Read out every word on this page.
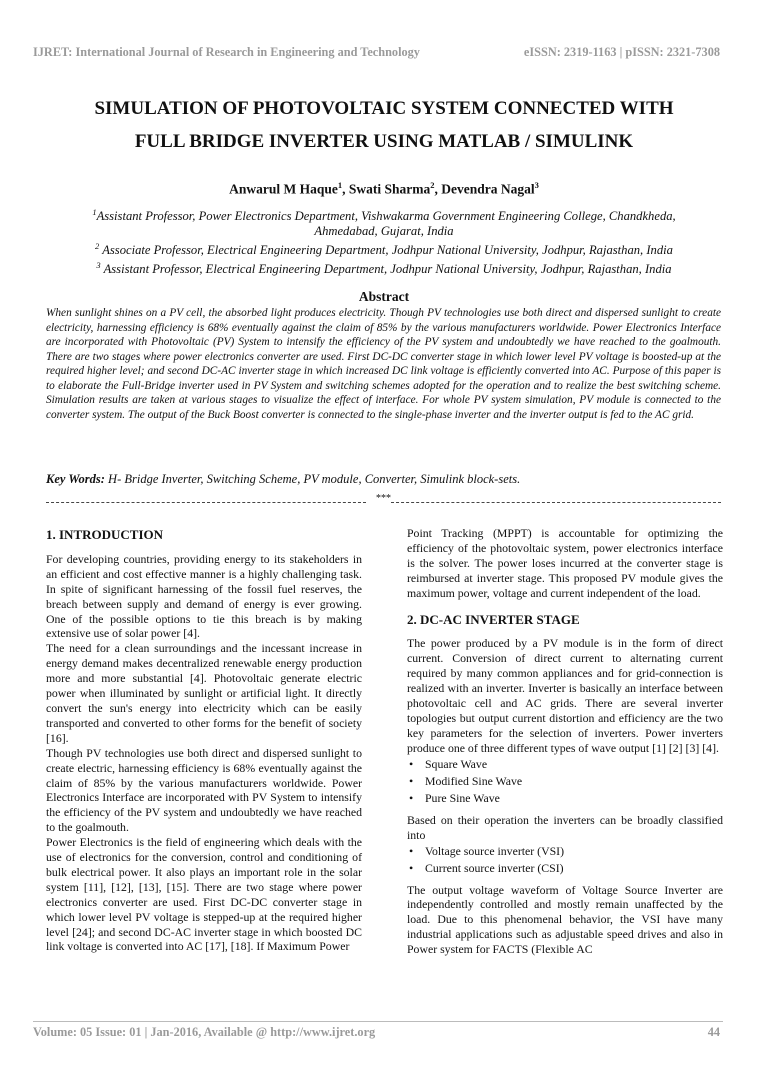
IJRET: International Journal of Research in Engineering and Technology	eISSN: 2319-1163 | pISSN: 2321-7308
SIMULATION OF PHOTOVOLTAIC SYSTEM CONNECTED WITH
FULL BRIDGE INVERTER USING MATLAB / SIMULINK
Anwarul M Haque$^1$, Swati Sharma$^2$, Devendra Nagal$^3$
$^1$Assistant Professor, Power Electronics Department, Vishwakarma Government Engineering College, Chandkheda,
Ahmedabad, Gujarat, India
$^2$ Associate Professor, Electrical Engineering Department, Jodhpur National University, Jodhpur, Rajasthan, India
$^3$ Assistant Professor, Electrical Engineering Department, Jodhpur National University, Jodhpur, Rajasthan, India
Abstract
When sunlight shines on a PV cell, the absorbed light produces electricity. Though PV technologies use both direct and dispersed sunlight to create electricity, harnessing efficiency is 68% eventually against the claim of 85% by the various manufacturers worldwide. Power Electronics Interface are incorporated with Photovoltaic (PV) System to intensify the efficiency of the PV system and undoubtedly we have reached to the goalmouth. There are two stages where power electronics converter are used. First DC-DC converter stage in which lower level PV voltage is boosted-up at the required higher level; and second DC-AC inverter stage in which increased DC link voltage is efficiently converted into AC. Purpose of this paper is to elaborate the Full-Bridge inverter used in PV System and switching schemes adopted for the operation and to realize the best switching scheme. Simulation results are taken at various stages to visualize the effect of interface. For whole PV system simulation, PV module is connected to the converter system. The output of the Buck Boost converter is connected to the single-phase inverter and the inverter output is fed to the AC grid.
Key Words: H- Bridge Inverter, Switching Scheme, PV module, Converter, Simulink block-sets.
***
1. INTRODUCTION

For developing countries, providing energy to its stakeholders in an efficient and cost effective manner is a highly challenging task. In spite of significant harnessing of the fossil fuel reserves, the breach between supply and demand of energy is ever growing. One of the possible options to tie this breach is by making extensive use of solar power [4].

The need for a clean surroundings and the incessant increase in energy demand makes decentralized renewable energy production more and more substantial [4]. Photovoltaic generate electric power when illuminated by sunlight or artificial light. It directly convert the sun's energy into electricity which can be easily transported and converted to other forms for the benefit of society [16].

Though PV technologies use both direct and dispersed sunlight to create electric, harnessing efficiency is 68% eventually against the claim of 85% by the various manufacturers worldwide. Power Electronics Interface are incorporated with PV System to intensify the efficiency of the PV system and undoubtedly we have reached to the goalmouth.

Power Electronics is the field of engineering which deals with the use of electronics for the conversion, control and conditioning of bulk electrical power. It also plays an important role in the solar system [11], [12], [13], [15]. There are two stage where power electronics converter are used. First DC-DC converter stage in which lower level PV voltage is stepped-up at the required higher level [24]; and second DC-AC inverter stage in which boosted DC link voltage is converted into AC [17], [18]. If Maximum Power

Point Tracking (MPPT) is accountable for optimizing the efficiency of the photovoltaic system, power electronics interface is the solver. The power loses incurred at the converter stage is reimbursed at inverter stage. This proposed PV module gives the maximum power, voltage and current independent of the load.

2. DC-AC INVERTER STAGE

The power produced by a PV module is in the form of direct current. Conversion of direct current to alternating current required by many common appliances and for grid-connection is realized with an inverter. Inverter is basically an interface between photovoltaic cell and AC grids. There are several inverter topologies but output current distortion and efficiency are the two key parameters for the selection of inverters. Power inverters produce one of three different types of wave output [1] [2] [3] [4].

• Square Wave
• Modified Sine Wave
• Pure Sine Wave

Based on their operation the inverters can be broadly classified into

• Voltage source inverter (VSI)
• Current source inverter (CSI)

The output voltage waveform of Voltage Source Inverter are independently controlled and mostly remain unaffected by the load. Due to this phenomenal behavior, the VSI have many industrial applications such as adjustable speed drives and also in Power system for FACTS (Flexible AC

Volume: 05 Issue: 01 | Jan-2016, Available @ http://www.ijret.org	44
